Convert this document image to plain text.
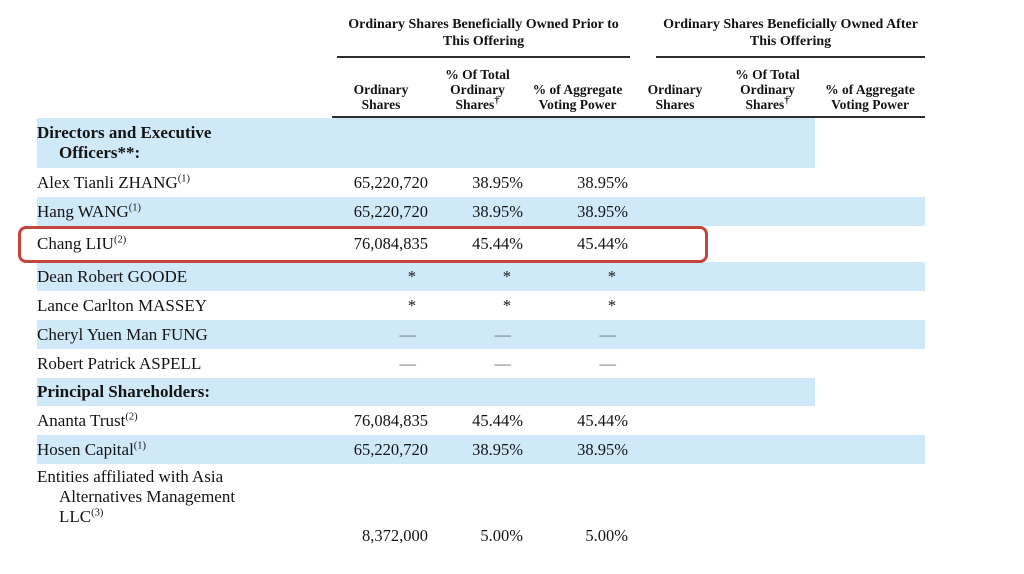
	Ordinary Shares Beneficially Owned Prior to This Offering			Ordinary Shares Beneficially Owned After This Offering		

	Ordinary Shares	% Of Total Ordinary Shares†	% of Aggregate Voting Power	Ordinary Shares	% Of Total Ordinary Shares†	% of Aggregate Voting Power

Directors and Executive Officers**:						

Alex Tianli ZHANG$^{(1)}$	65,220,720	38.95%	38.95%			

Hang WANG$^{(1)}$	65,220,720	38.95%	38.95%			

Chang LIU$^{(2)}$	76,084,835	45.44%	45.44%			

Dean Robert GOODE	*	*	*			

Lance Carlton MASSEY	*	*	*			

Cheryl Yuen Man FUNG	—	—	—			

Robert Patrick ASPELL	—	—	—			

Principal Shareholders:						

Ananta Trust$^{(2)}$	76,084,835	45.44%	45.44%			

Hosen Capital$^{(1)}$	65,220,720	38.95%	38.95%			

Entities affiliated with Asia Alternatives Management LLC$^{(3)}$	8,372,000	5.00%	5.00%			
